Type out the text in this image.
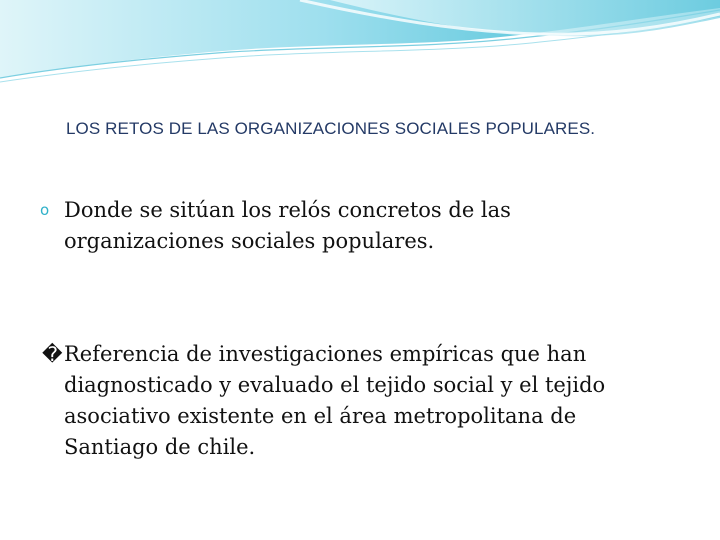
LOS RETOS DE LAS ORGANIZACIONES SOCIALES POPULARES.
o Donde se sitúan los relós concretos de las
organizaciones sociales populares.
� Referencia de investigaciones empíricas que han
diagnosticado y evaluado el tejido social y el tejido
asociativo existente en el área metropolitana de
Santiago de chile.
